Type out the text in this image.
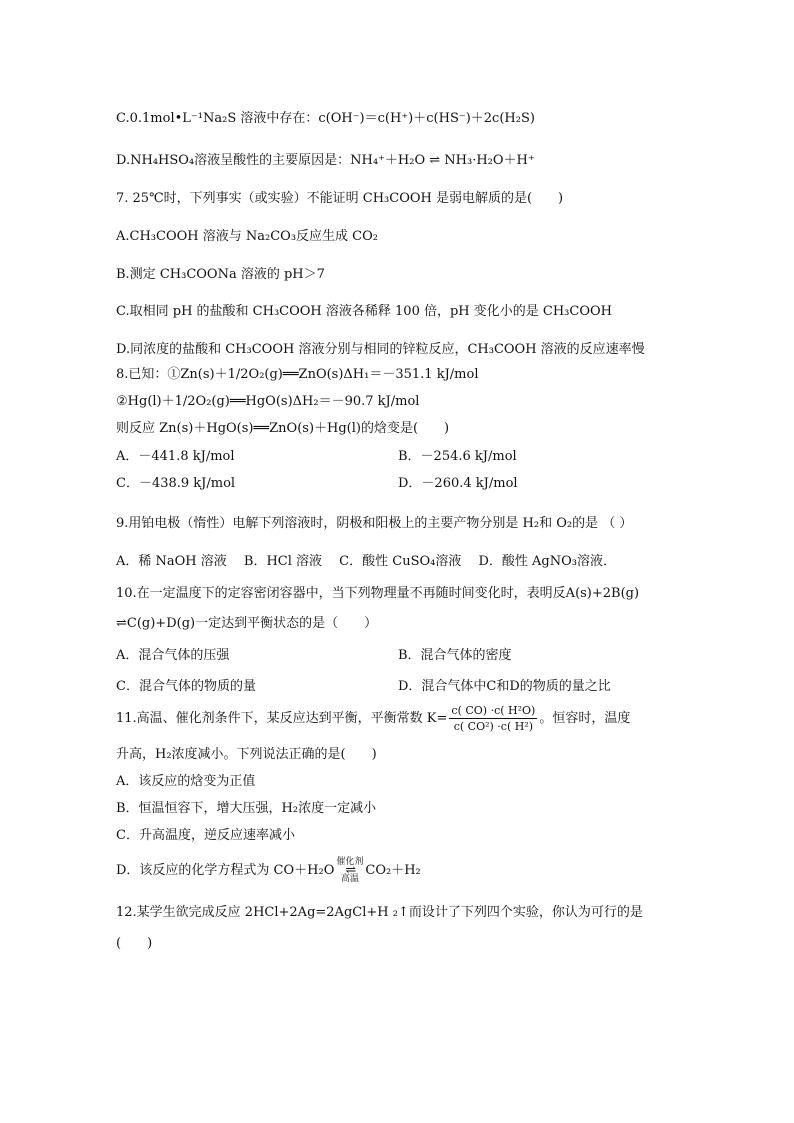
C.0.1mol•L⁻¹Na₂S 溶液中存在：c(OH⁻)＝c(H⁺)＋c(HS⁻)＋2c(H₂S)
D.NH₄HSO₄溶液呈酸性的主要原因是：NH₄⁺＋H₂O ⇌ NH₃·H₂O＋H⁺
7. 25℃时，下列事实（或实验）不能证明 CH₃COOH 是弱电解质的是(　　)
A.CH₃COOH 溶液与 Na₂CO₃反应生成 CO₂
B.测定 CH₃COONa 溶液的 pH＞7
C.取相同 pH 的盐酸和 CH₃COOH 溶液各稀释 100 倍，pH 变化小的是 CH₃COOH
D.同浓度的盐酸和 CH₃COOH 溶液分别与相同的锌粒反应，CH₃COOH 溶液的反应速率慢
8.已知：①Zn(s)＋1/2O₂(g)══ZnO(s)ΔH₁＝－351.1 kJ/mol
②Hg(l)＋1/2O₂(g)══HgO(s)ΔH₂＝－90.7 kJ/mol
则反应 Zn(s)＋HgO(s)══ZnO(s)＋Hg(l)的焓变是(　　)
A．－441.8 kJ/mol	B．－254.6 kJ/mol
C．－438.9 kJ/mol	D．－260.4 kJ/mol
9.用铂电极（惰性）电解下列溶液时，阴极和阳极上的主要产物分别是 H₂和 O₂的是 （ ）
A．稀 NaOH 溶液　 B．HCl 溶液　 C．酸性 CuSO₄溶液　 D．酸性 AgNO₃溶液．
10.在一定温度下的定容密闭容器中，当下列物理量不再随时间变化时，表明反A(s)+2B(g)
⇌C(g)+D(g)一定达到平衡状态的是（　　）
A．混合气体的压强	B．混合气体的密度
C．混合气体的物质的量	D．混合气体中C和D的物质的量之比
11.高温、催化剂条件下，某反应达到平衡，平衡常数 $K= \frac{\text{c( CO) ·c( H²O)}}{\text{c( CO²) ·c( H²)}}$ 。恒容时，温度
升高，H₂浓度减小。下列说法正确的是(　　)
A．该反应的焓变为正值
B．恒温恒容下，增大压强，H₂浓度一定减小
C．升高温度，逆反应速率减小
D．该反应的化学方程式为 CO＋H₂O催化剂
⇌
高温CO₂＋H₂
12.某学生欲完成反应 2HCl+2Ag=2AgCl+H ₂↑而设计了下列四个实验，你认为可行的是
(　　)
